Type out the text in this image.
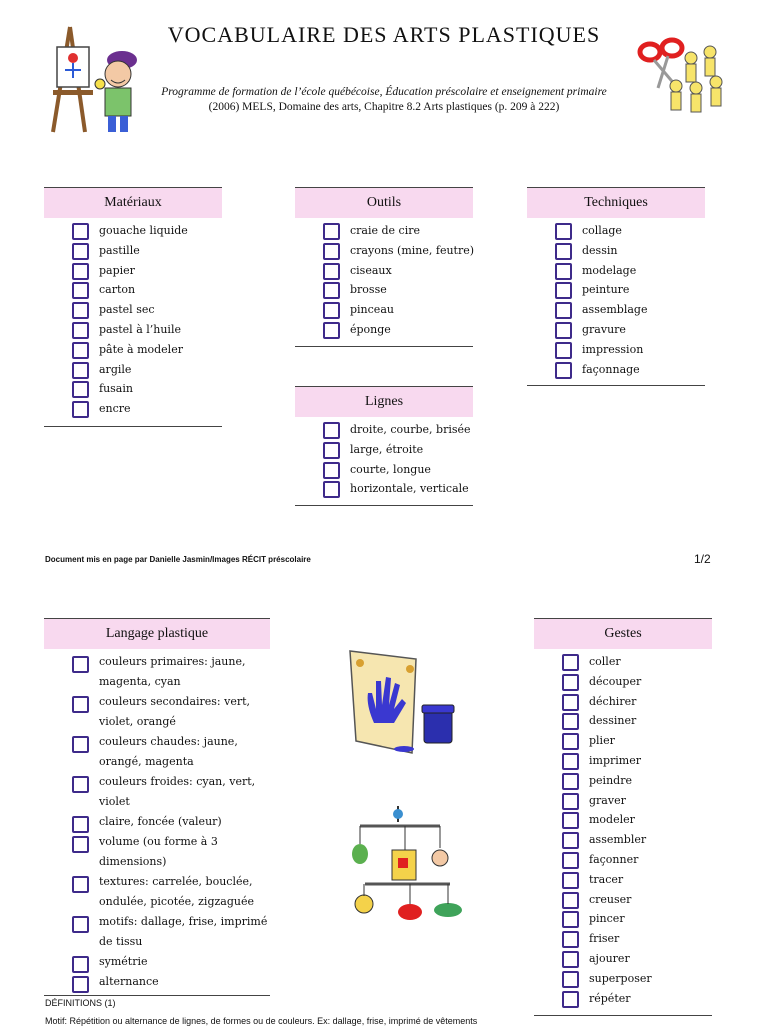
VOCABULAIRE DES ARTS PLASTIQUES
Programme de formation de l’école québécoise, Éducation préscolaire et enseignement primaire
(2006) MELS, Domaine des arts, Chapitre 8.2 Arts plastiques (p. 209 à 222)
Matériaux
gouache liquide
pastille
papier
carton
pastel sec
pastel à l’huile
pâte à modeler
argile
fusain
encre
Outils
craie de cire
crayons (mine, feutre)
ciseaux
brosse
pinceau
éponge
Techniques
collage
dessin
modelage
peinture
assemblage
gravure
impression
façonnage
Lignes
droite, courbe, brisée
large, étroite
courte, longue
horizontale, verticale
Document mis en page par Danielle Jasmin/Images RÉCIT préscolaire	1/2
Langage plastique
couleurs primaires: jaune, magenta, cyan
couleurs secondaires: vert, violet, orangé
couleurs chaudes: jaune, orangé, magenta
couleurs froides: cyan, vert, violet
claire, foncée (valeur)
volume (ou forme à 3 dimensions)
textures: carrelée, bouclée, ondulée, picotée, zigzaguée
motifs: dallage, frise, imprimé de tissu
symétrie
alternance
Gestes
coller
découper
déchirer
dessiner
plier
imprimer
peindre
graver
modeler
assembler
façonner
tracer
creuser
pincer
friser
ajourer
superposer
répéter
DÉFINITIONS (1)
Motif: Répétition ou alternance de lignes, de formes ou de couleurs. Ex: dallage, frise, imprimé de vêtements
